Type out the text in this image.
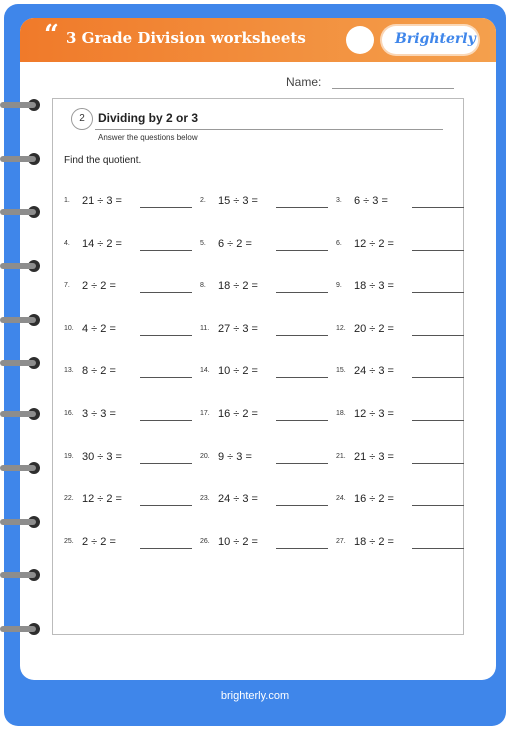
“ 3 Grade Division worksheets	Brighterly
Name:
2	Dividing by 2 or 3
Answer the questions below
Find the quotient.
1. 21 ÷ 3 =	2. 15 ÷ 3 =	3. 6 ÷ 3 =
4. 14 ÷ 2 =	5. 6 ÷ 2 =	6. 12 ÷ 2 =
7. 2 ÷ 2 =	8. 18 ÷ 2 =	9. 18 ÷ 3 =
10. 4 ÷ 2 =	11. 27 ÷ 3 =	12. 20 ÷ 2 =
13. 8 ÷ 2 =	14. 10 ÷ 2 =	15. 24 ÷ 3 =
16. 3 ÷ 3 =	17. 16 ÷ 2 =	18. 12 ÷ 3 =
19. 30 ÷ 3 =	20. 9 ÷ 3 =	21. 21 ÷ 3 =
22. 12 ÷ 2 =	23. 24 ÷ 3 =	24. 16 ÷ 2 =
25. 2 ÷ 2 =	26. 10 ÷ 2 =	27. 18 ÷ 2 =
brighterly.com
